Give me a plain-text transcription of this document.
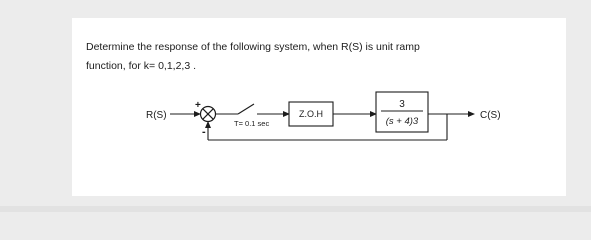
Determine the response of the following system, when R(S) is unit ramp
function, for k= 0,1,2,3 .
R(S)
+
-
T= 0.1 sec
Z.O.H
3
(s + 4)3
C(S)
